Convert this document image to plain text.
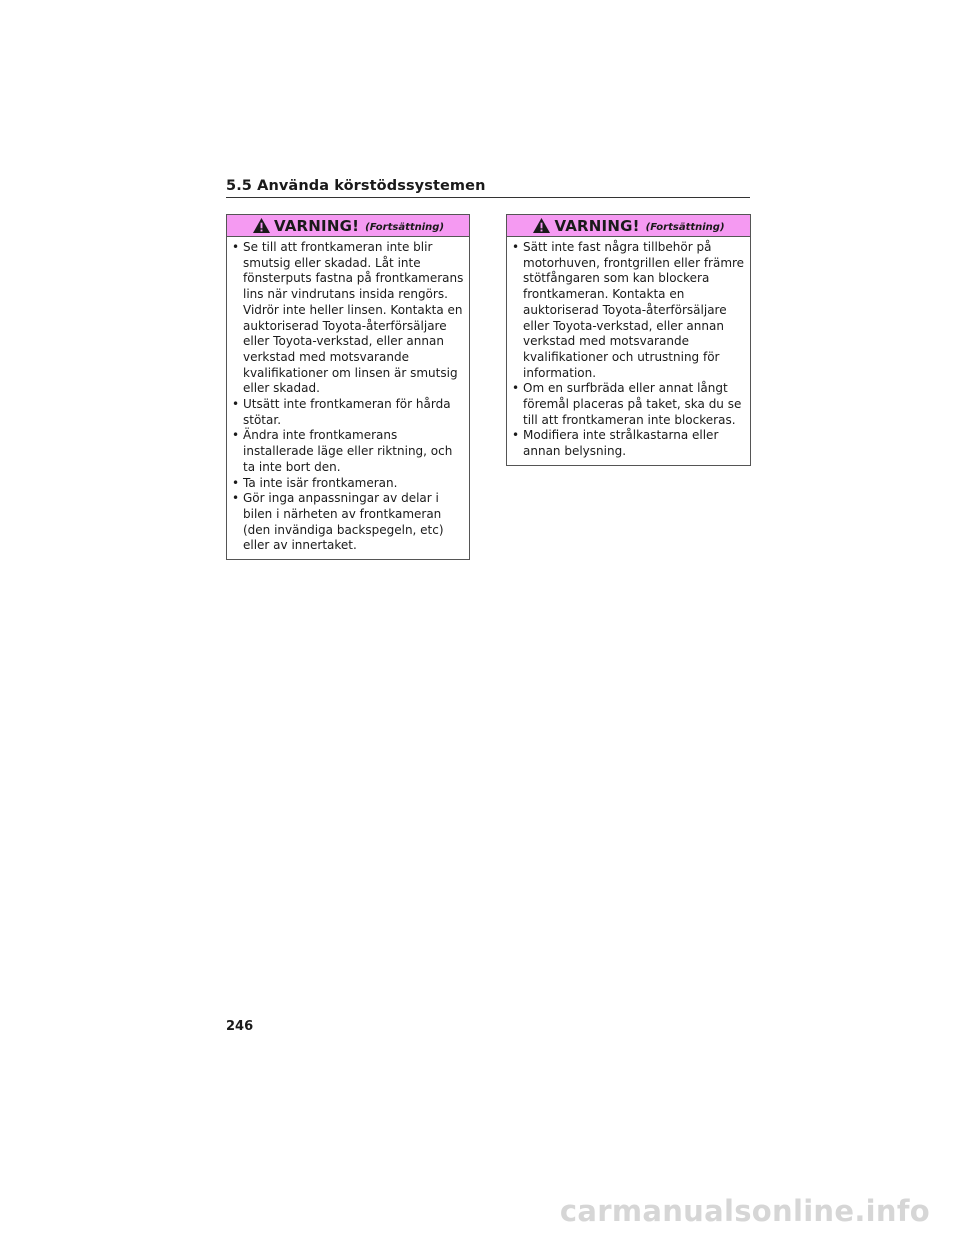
5.5 Använda körstödssystemen
VARNING! (Fortsättning)
• Se till att frontkameran inte blir smutsig eller skadad. Låt inte fönsterputs fastna på frontkamerans lins när vindrutans insida rengörs. Vidrör inte heller linsen. Kontakta en auktoriserad Toyota-återförsäljare eller Toyota-verkstad, eller annan verkstad med motsvarande kvalifikationer om linsen är smutsig eller skadad.
• Utsätt inte frontkameran för hårda stötar.
• Ändra inte frontkamerans installerade läge eller riktning, och ta inte bort den.
• Ta inte isär frontkameran.
• Gör inga anpassningar av delar i bilen i närheten av frontkameran (den invändiga backspegeln, etc) eller av innertaket.
VARNING! (Fortsättning)
• Sätt inte fast några tillbehör på motorhuven, frontgrillen eller främre stötfångaren som kan blockera frontkameran. Kontakta en auktoriserad Toyota-återförsäljare eller Toyota-verkstad, eller annan verkstad med motsvarande kvalifikationer och utrustning för information.
• Om en surfbräda eller annat långt föremål placeras på taket, ska du se till att frontkameran inte blockeras.
• Modifiera inte strålkastarna eller annan belysning.
246
carmanualsonline.info
